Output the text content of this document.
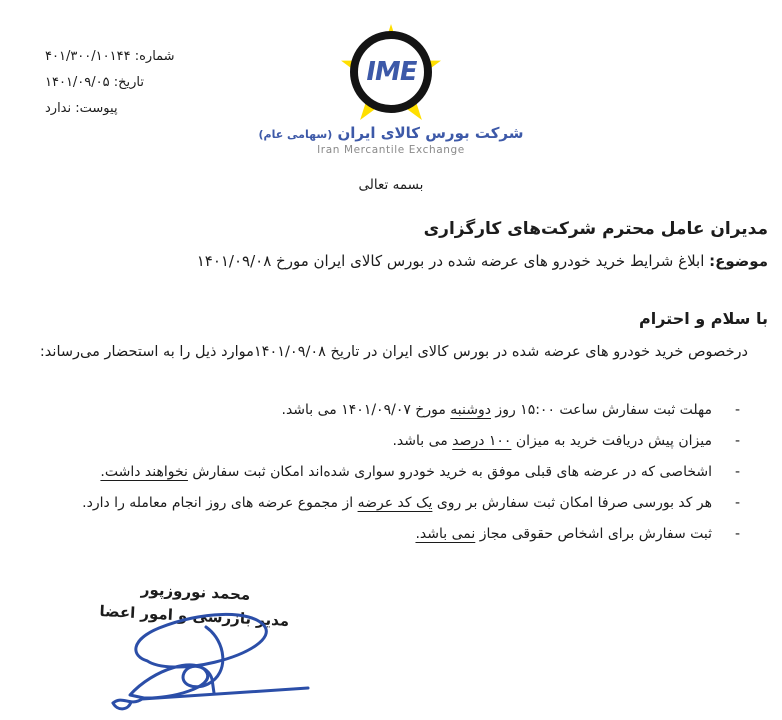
شماره: ۴۰۱/۳۰۰/۱۰۱۴۴
تاریخ: ۱۴۰۱/۰۹/۰۵
پیوست: ندارد
IME
شرکت بورس کالای ایران (سهامی عام)
Iran Mercantile Exchange
بسمه تعالی
مدیران عامل محترم شرکت‌های کارگزاری
موضوع: ابلاغ شرایط خرید خودرو های عرضه شده در بورس کالای ایران مورخ ۱۴۰۱/۰۹/۰۸
با سلام و احترام
درخصوص خرید خودرو های عرضه شده در بورس کالای ایران در تاریخ ۱۴۰۱/۰۹/۰۸موارد ذیل را به استحضار می‌رساند:
-
مهلت ثبت سفارش ساعت ۱۵:۰۰ روز دوشنبه مورخ ۱۴۰۱/۰۹/۰۷ می باشد.
-
میزان پیش دریافت خرید به میزان ۱۰۰ درصد می باشد.
-
اشخاصی که در عرضه های قبلی موفق به خرید خودرو سواری شده‌اند امکان ثبت سفارش نخواهند داشت.
-
هر کد بورسی صرفا امکان ثبت سفارش بر روی یک کد عرضه از مجموع عرضه های روز انجام معامله را دارد.
-
ثبت سفارش برای اشخاص حقوقی مجاز نمی باشد.
محمد نوروزپور
مدیر بازرسی و امور اعضا
